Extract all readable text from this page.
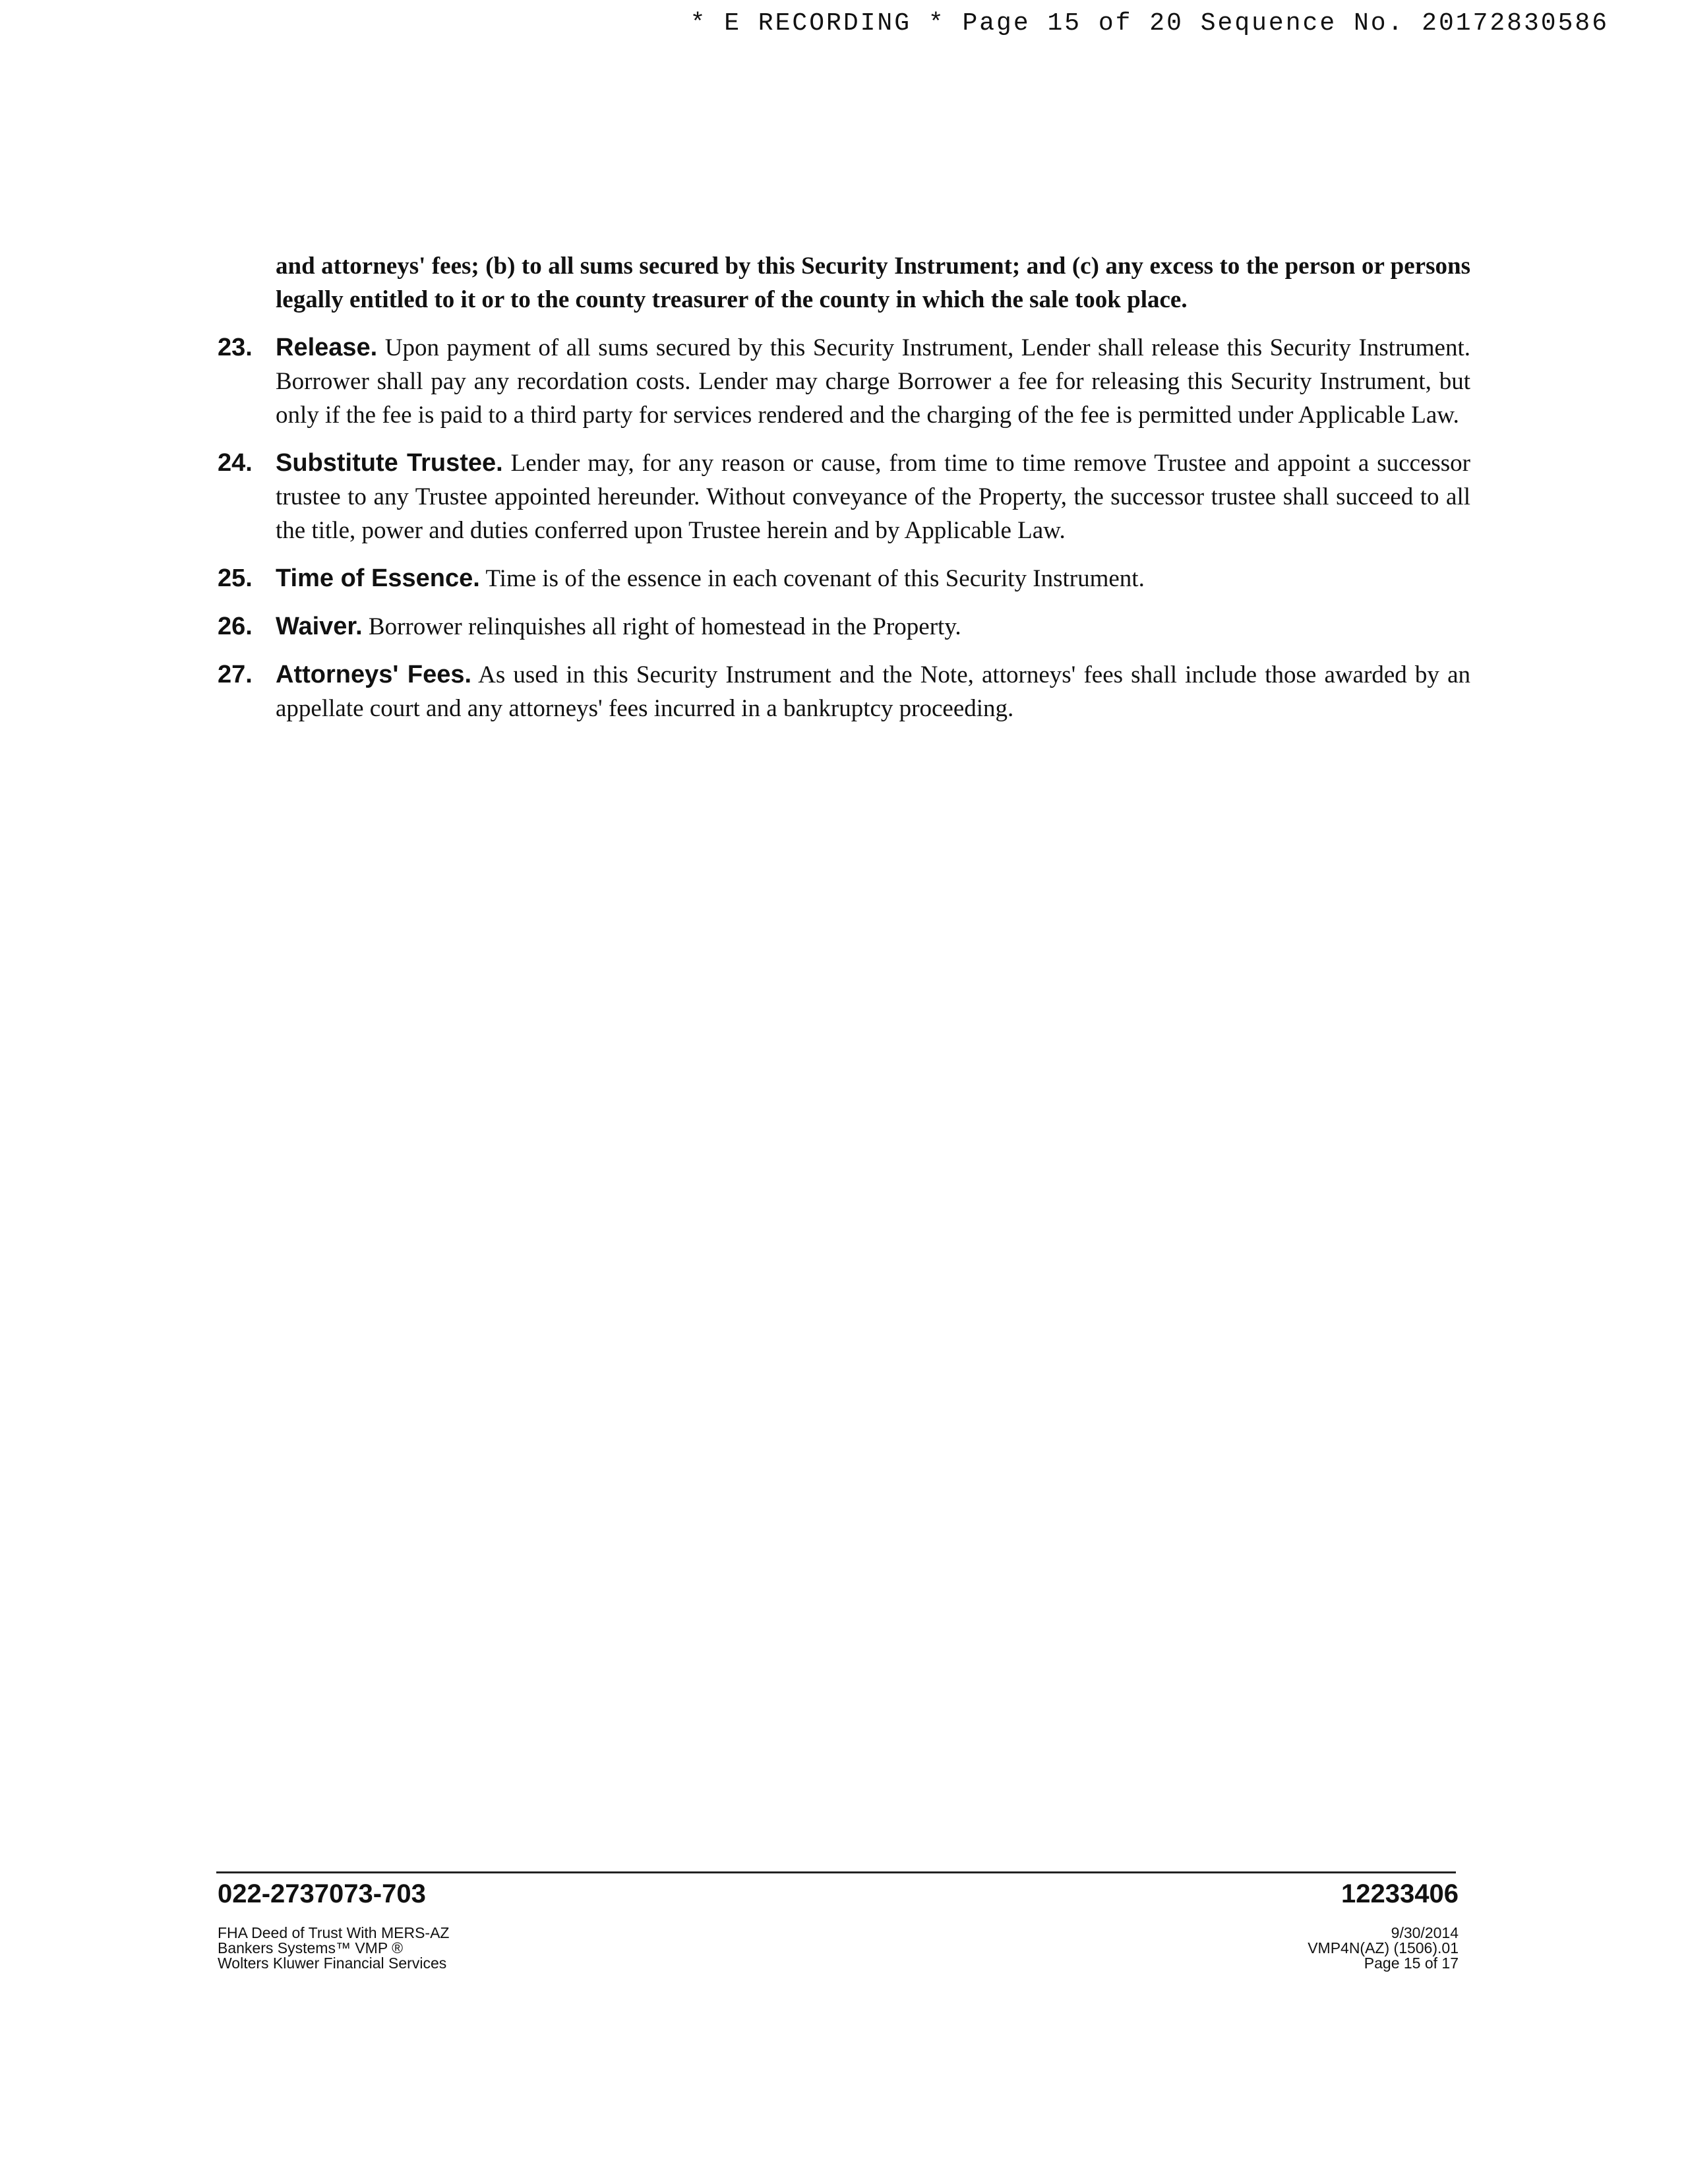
* E RECORDING * Page 15 of 20 Sequence No. 20172830586

and attorneys' fees; (b) to all sums secured by this Security Instrument; and (c) any excess to the person or persons legally entitled to it or to the county treasurer of the county in which the sale took place.

23. Release. Upon payment of all sums secured by this Security Instrument, Lender shall release this Security Instrument. Borrower shall pay any recordation costs. Lender may charge Borrower a fee for releasing this Security Instrument, but only if the fee is paid to a third party for services rendered and the charging of the fee is permitted under Applicable Law.

24. Substitute Trustee. Lender may, for any reason or cause, from time to time remove Trustee and appoint a successor trustee to any Trustee appointed hereunder. Without conveyance of the Property, the successor trustee shall succeed to all the title, power and duties conferred upon Trustee herein and by Applicable Law.

25. Time of Essence. Time is of the essence in each covenant of this Security Instrument.

26. Waiver. Borrower relinquishes all right of homestead in the Property.

27. Attorneys' Fees. As used in this Security Instrument and the Note, attorneys' fees shall include those awarded by an appellate court and any attorneys' fees incurred in a bankruptcy proceeding.

022-2737073-703	12233406
FHA Deed of Trust With MERS-AZ
Bankers Systems™ VMP ®
Wolters Kluwer Financial Services
9/30/2014
VMP4N(AZ) (1506).01
Page 15 of 17
